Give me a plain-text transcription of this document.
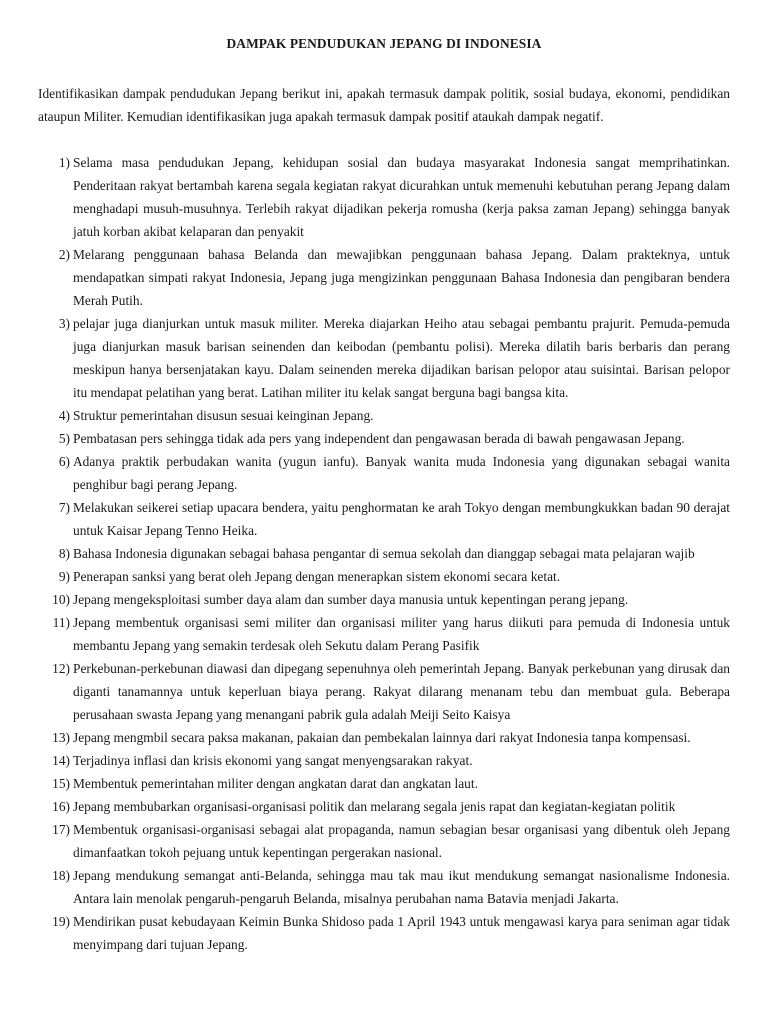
DAMPAK PENDUDUKAN JEPANG DI INDONESIA

Identifikasikan dampak pendudukan Jepang berikut ini, apakah termasuk dampak politik, sosial budaya, ekonomi, pendidikan ataupun Militer. Kemudian identifikasikan juga apakah termasuk dampak positif ataukah dampak negatif.

1) Selama masa pendudukan Jepang, kehidupan sosial dan budaya masyarakat Indonesia sangat memprihatinkan. Penderitaan rakyat bertambah karena segala kegiatan rakyat dicurahkan untuk memenuhi kebutuhan perang Jepang dalam menghadapi musuh-musuhnya. Terlebih rakyat dijadikan pekerja romusha (kerja paksa zaman Jepang) sehingga banyak jatuh korban akibat kelaparan dan penyakit
2) Melarang penggunaan bahasa Belanda dan mewajibkan penggunaan bahasa Jepang. Dalam prakteknya, untuk mendapatkan simpati rakyat Indonesia, Jepang juga mengizinkan penggunaan Bahasa Indonesia dan pengibaran bendera Merah Putih.
3) pelajar juga dianjurkan untuk masuk militer. Mereka diajarkan Heiho atau sebagai pembantu prajurit. Pemuda-pemuda juga dianjurkan masuk barisan seinenden dan keibodan (pembantu polisi). Mereka dilatih baris berbaris dan perang meskipun hanya bersenjatakan kayu. Dalam seinenden mereka dijadikan barisan pelopor atau suisintai. Barisan pelopor itu mendapat pelatihan yang berat. Latihan militer itu kelak sangat berguna bagi bangsa kita.
4) Struktur pemerintahan disusun sesuai keinginan Jepang.
5) Pembatasan pers sehingga tidak ada pers yang independent dan pengawasan berada di bawah pengawasan Jepang.
6) Adanya praktik perbudakan wanita (yugun ianfu). Banyak wanita muda Indonesia yang digunakan sebagai wanita penghibur bagi perang Jepang.
7) Melakukan seikerei setiap upacara bendera, yaitu penghormatan ke arah Tokyo dengan membungkukkan badan 90 derajat untuk Kaisar Jepang Tenno Heika.
8) Bahasa Indonesia digunakan sebagai bahasa pengantar di semua sekolah dan dianggap sebagai mata pelajaran wajib
9) Penerapan sanksi yang berat oleh Jepang dengan menerapkan sistem ekonomi secara ketat.
10) Jepang mengeksploitasi sumber daya alam dan sumber daya manusia untuk kepentingan perang jepang.
11) Jepang membentuk organisasi semi militer dan organisasi militer yang harus diikuti para pemuda di Indonesia untuk membantu Jepang yang semakin terdesak oleh Sekutu dalam Perang Pasifik
12) Perkebunan-perkebunan diawasi dan dipegang sepenuhnya oleh pemerintah Jepang. Banyak perkebunan yang dirusak dan diganti tanamannya untuk keperluan biaya perang. Rakyat dilarang menanam tebu dan membuat gula. Beberapa perusahaan swasta Jepang yang menangani pabrik gula adalah Meiji Seito Kaisya
13) Jepang mengmbil secara paksa makanan, pakaian dan pembekalan lainnya dari rakyat Indonesia tanpa kompensasi.
14) Terjadinya inflasi dan krisis ekonomi yang sangat menyengsarakan rakyat.
15) Membentuk pemerintahan militer dengan angkatan darat dan angkatan laut.
16) Jepang membubarkan organisasi-organisasi politik dan melarang segala jenis rapat dan kegiatan-kegiatan politik
17) Membentuk organisasi-organisasi sebagai alat propaganda, namun sebagian besar organisasi yang dibentuk oleh Jepang dimanfaatkan tokoh pejuang untuk kepentingan pergerakan nasional.
18) Jepang mendukung semangat anti-Belanda, sehingga mau tak mau ikut mendukung semangat nasionalisme Indonesia. Antara lain menolak pengaruh-pengaruh Belanda, misalnya perubahan nama Batavia menjadi Jakarta.
19) Mendirikan pusat kebudayaan Keimin Bunka Shidoso pada 1 April 1943 untuk mengawasi karya para seniman agar tidak menyimpang dari tujuan Jepang.
